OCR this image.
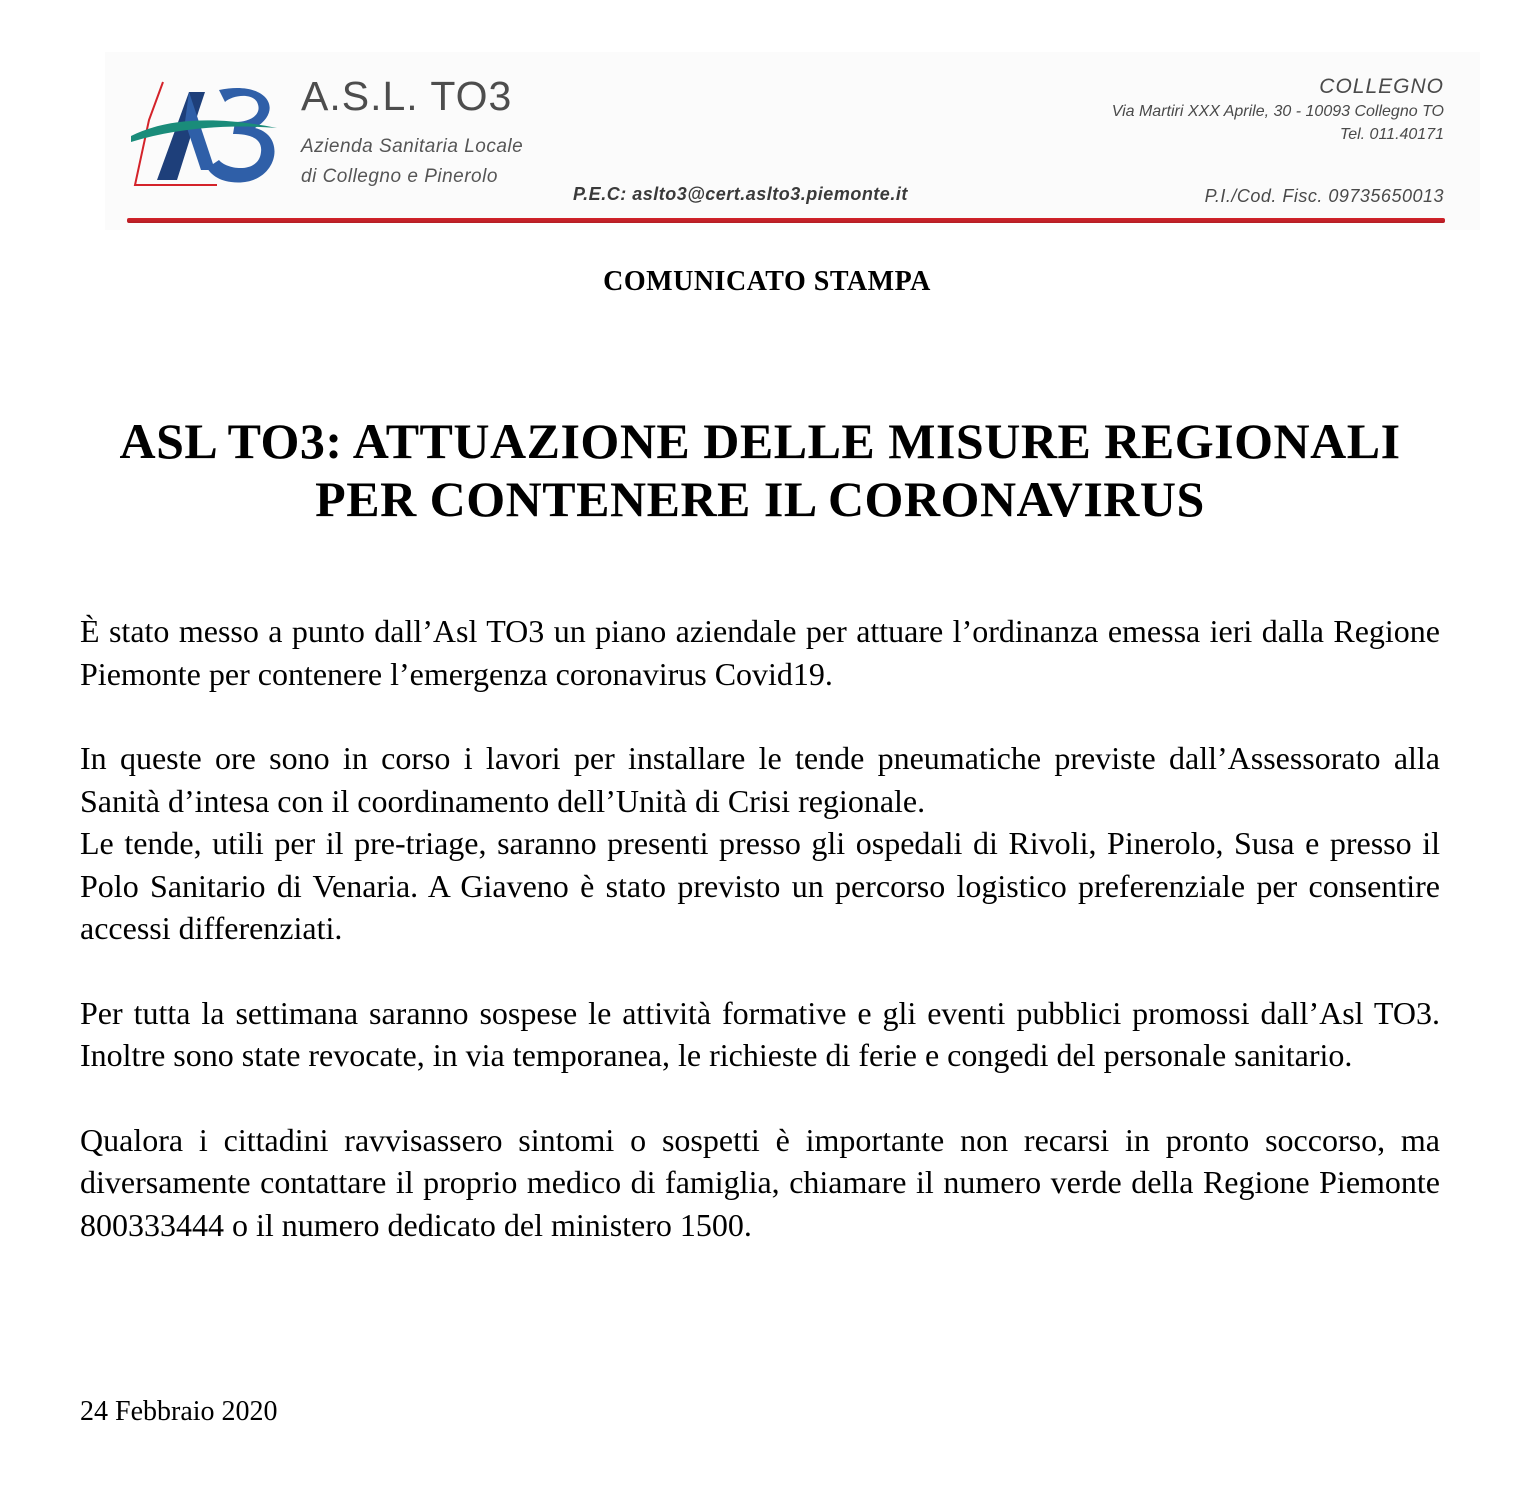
A.S.L. TO3
Azienda Sanitaria Locale
di Collegno e Pinerolo
P.E.C: aslto3@cert.aslto3.piemonte.it
COLLEGNO
Via Martiri XXX Aprile, 30 - 10093 Collegno TO
Tel. 011.40171
P.I./Cod. Fisc. 09735650013
COMUNICATO STAMPA
ASL TO3: ATTUAZIONE DELLE MISURE REGIONALI
PER CONTENERE IL CORONAVIRUS

È stato messo a punto dall’Asl TO3 un piano aziendale per attuare l’ordinanza emessa ieri dalla Regione Piemonte per contenere l’emergenza coronavirus Covid19.

In queste ore sono in corso i lavori per installare le tende pneumatiche previste dall’Assessorato alla Sanità d’intesa con il coordinamento dell’Unità di Crisi regionale.

Le tende, utili per il pre-triage, saranno presenti presso gli ospedali di Rivoli, Pinerolo, Susa e presso il Polo Sanitario di Venaria. A Giaveno è stato previsto un percorso logistico preferenziale per consentire accessi differenziati.

Per tutta la settimana saranno sospese le attività formative e gli eventi pubblici promossi dall’Asl TO3. Inoltre sono state revocate, in via temporanea, le richieste di ferie e congedi del personale sanitario.

Qualora i cittadini ravvisassero sintomi o sospetti è importante non recarsi in pronto soccorso, ma diversamente contattare il proprio medico di famiglia, chiamare il numero verde della Regione Piemonte 800333444 o il numero dedicato del ministero 1500.

24 Febbraio 2020
